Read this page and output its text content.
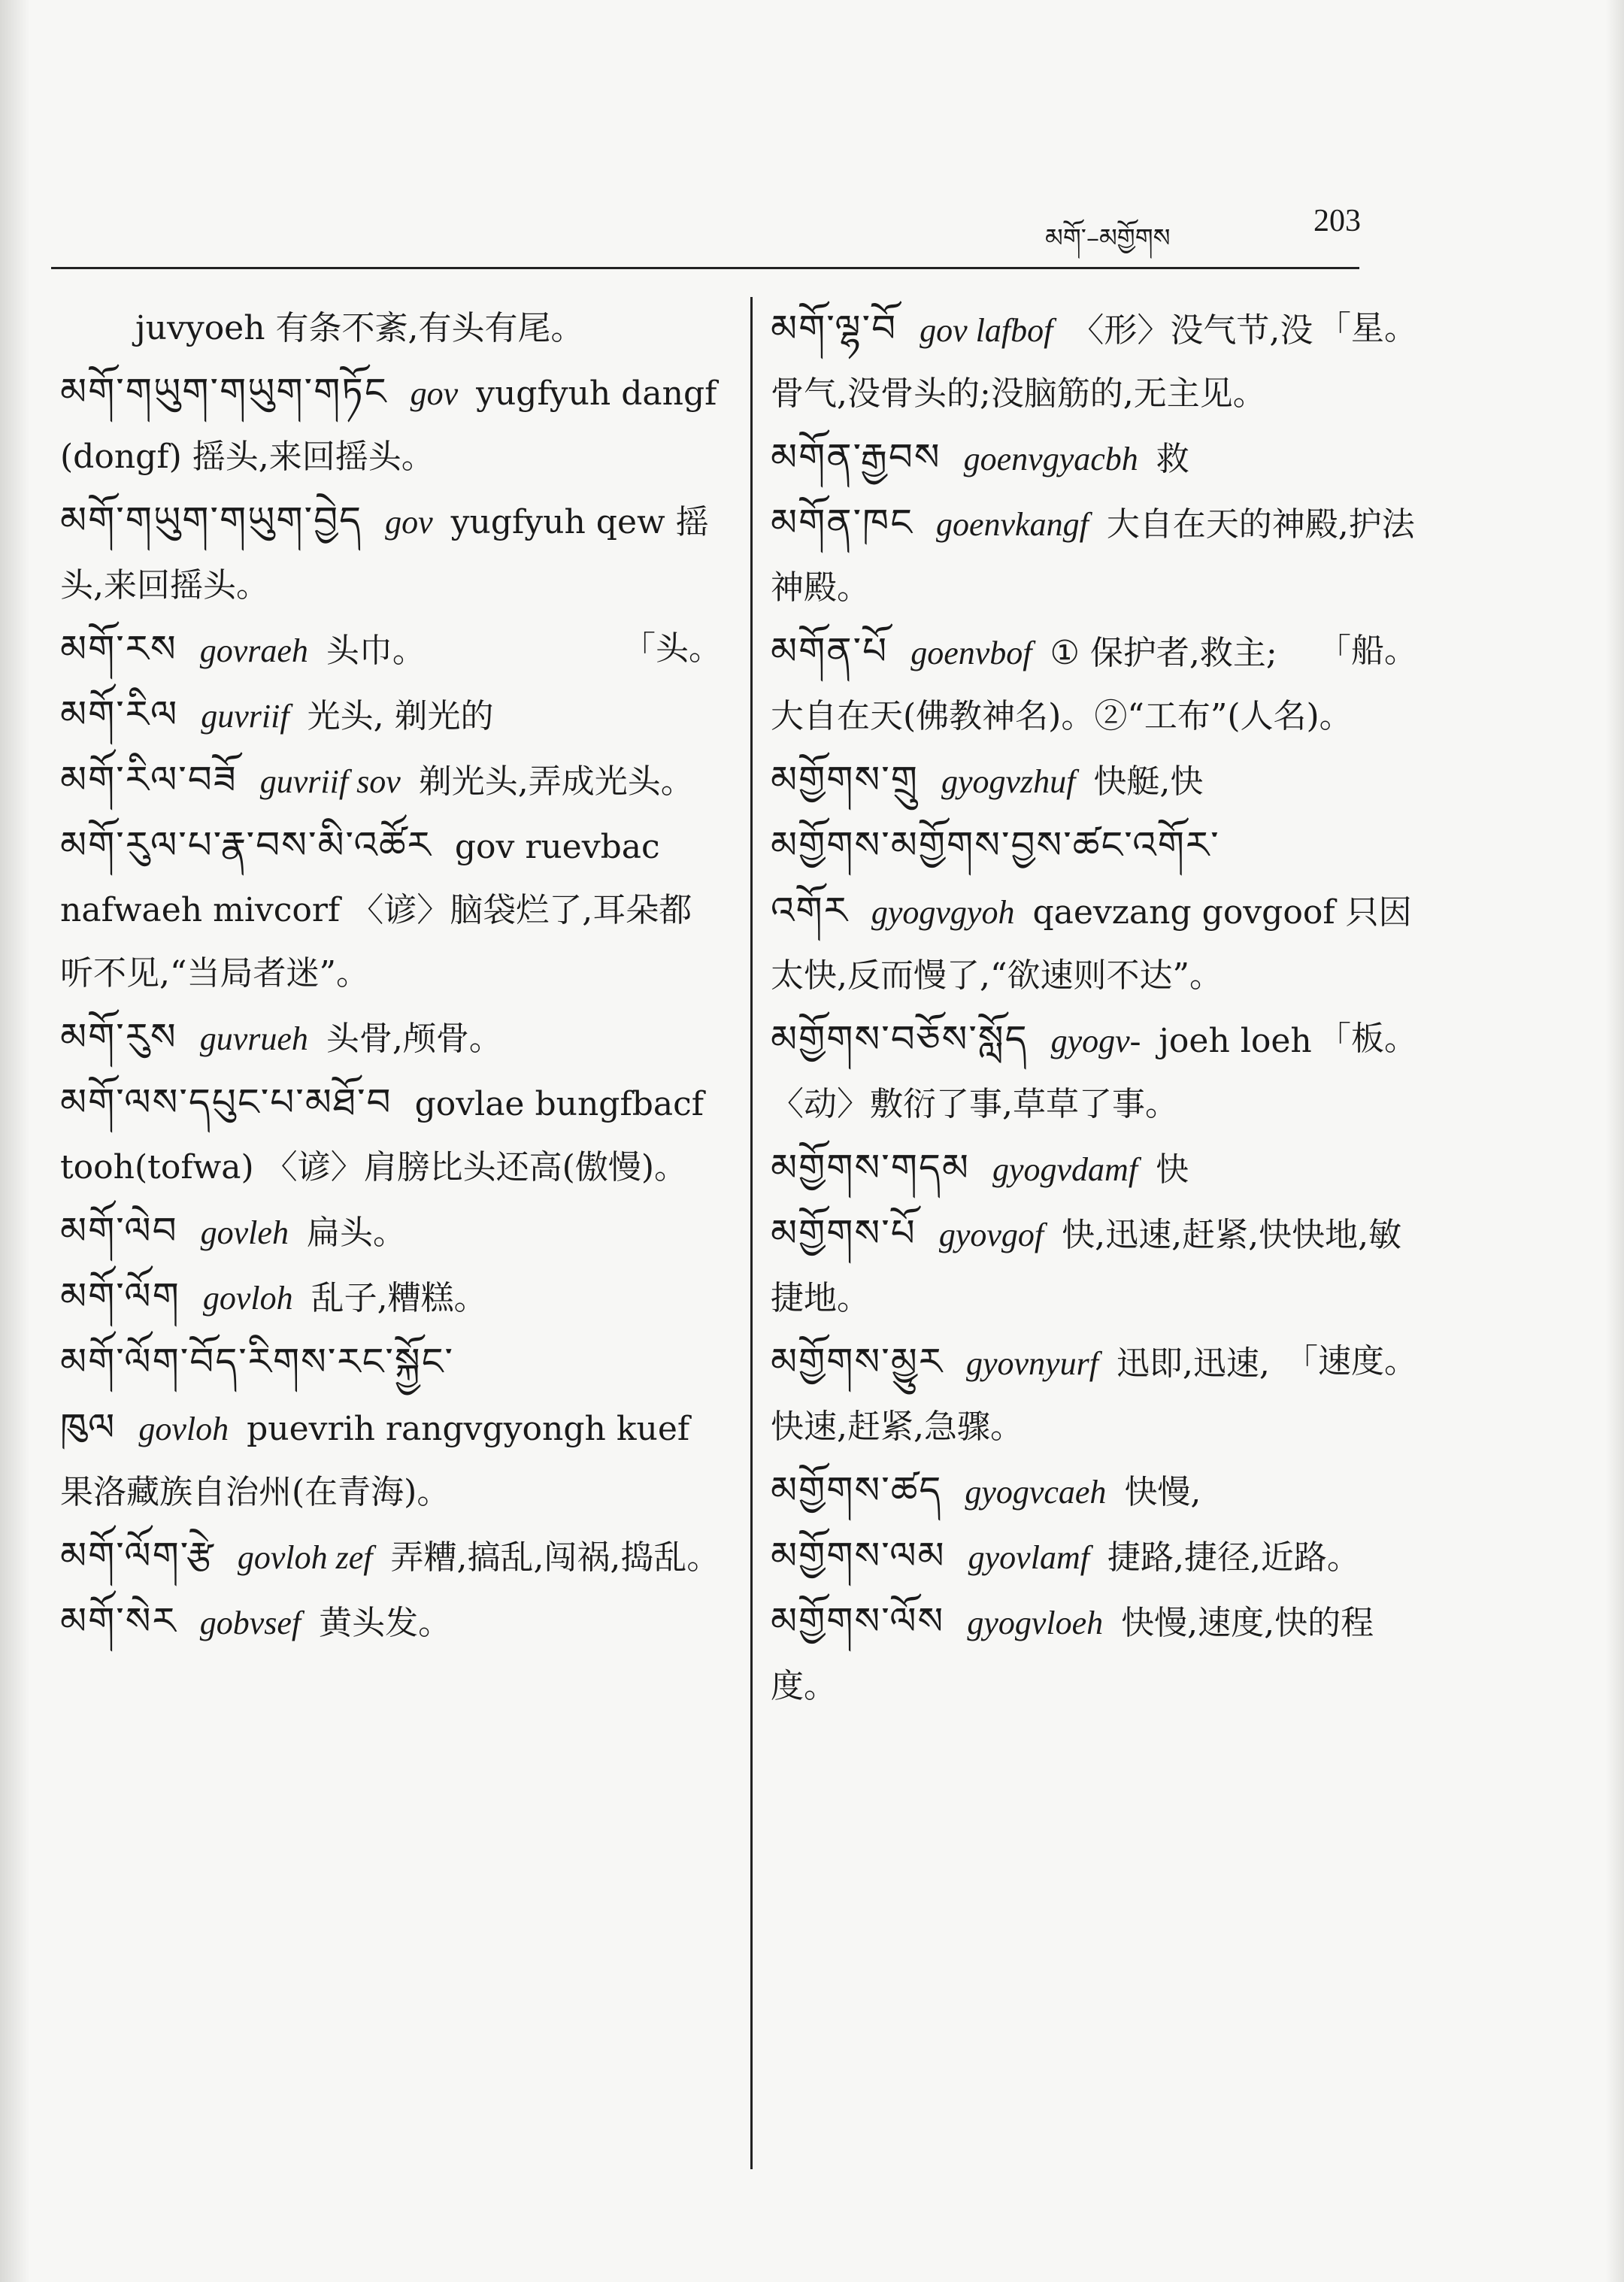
མགོ་–མགྱོགས	203

juvyoeh 有条不紊,有头有尾。

མགོ་གཡུག་གཡུག་གཏོང gov yugfyuh dangf (dongf) 摇头,来回摇头。

མགོ་གཡུག་གཡུག་བྱེད gov yugfyuh qew 摇头,来回摇头。

「头。
མགོ་རས govraeh 头巾。

མགོ་རིལ guvriif 光头, 剃光的

མགོ་རིལ་བཟོ guvriif sov 剃光头,弄成光头。

མགོ་རུལ་པ་རྣ་བས་མི་འཚོར gov ruevbac nafwaeh mivcorf 〈谚〉脑袋烂了,耳朵都听不见,“当局者迷”。

མགོ་རུས guvrueh 头骨,颅骨。

མགོ་ལས་དཔུང་པ་མཐོ་བ govlae bungfbacf tooh(tofwa) 〈谚〉肩膀比头还高(傲慢)。

མགོ་ལེབ govleh 扁头。

མགོ་ལོག govloh 乱子,糟糕。

མགོ་ལོག་བོད་རིགས་རང་སྐྱོང་ཁུལ govloh puevrih rangvgyongh kuef 果洛藏族自治州(在青海)。

མགོ་ལོག་རྩེ govloh zef 弄糟,搞乱,闯祸,捣乱。

མགོ་སེར gobvsef 黄头发。

「星。
མགོ་ལྷ་བོ gov lafbof 〈形〉没气节,没骨气,没骨头的;没脑筋的,无主见。

མགོན་རྒྱབས goenvgyacbh 救

མགོན་ཁང goenvkangf 大自在天的神殿,护法神殿。

「船。
མགོན་པོ goenvbof ① 保护者,救主; 大自在天(佛教神名)。②“工布”(人名)。

མགྱོགས་གྲུ gyogvzhuf 快艇,快

མགྱོགས་མགྱོགས་བྱས་ཚང་འགོར་འགོར gyogvgyoh qaevzang govgoof 只因太快,反而慢了,“欲速则不达”。

「板。
མགྱོགས་བཅོས་སློད gyogv- joeh loeh 〈动〉敷衍了事,草草了事。

མགྱོགས་གདམ gyogvdamf 快

མགྱོགས་པོ gyovgof 快,迅速,赶紧,快快地,敏捷地。

「速度。
མགྱོགས་མྱུར gyovnyurf 迅即,迅速,快速,赶紧,急骤。

མགྱོགས་ཚད gyogvcaeh 快慢,

མགྱོགས་ལམ gyovlamf 捷路,捷径,近路。

མགྱོགས་ལོས gyogvloeh 快慢,速度,快的程度。
